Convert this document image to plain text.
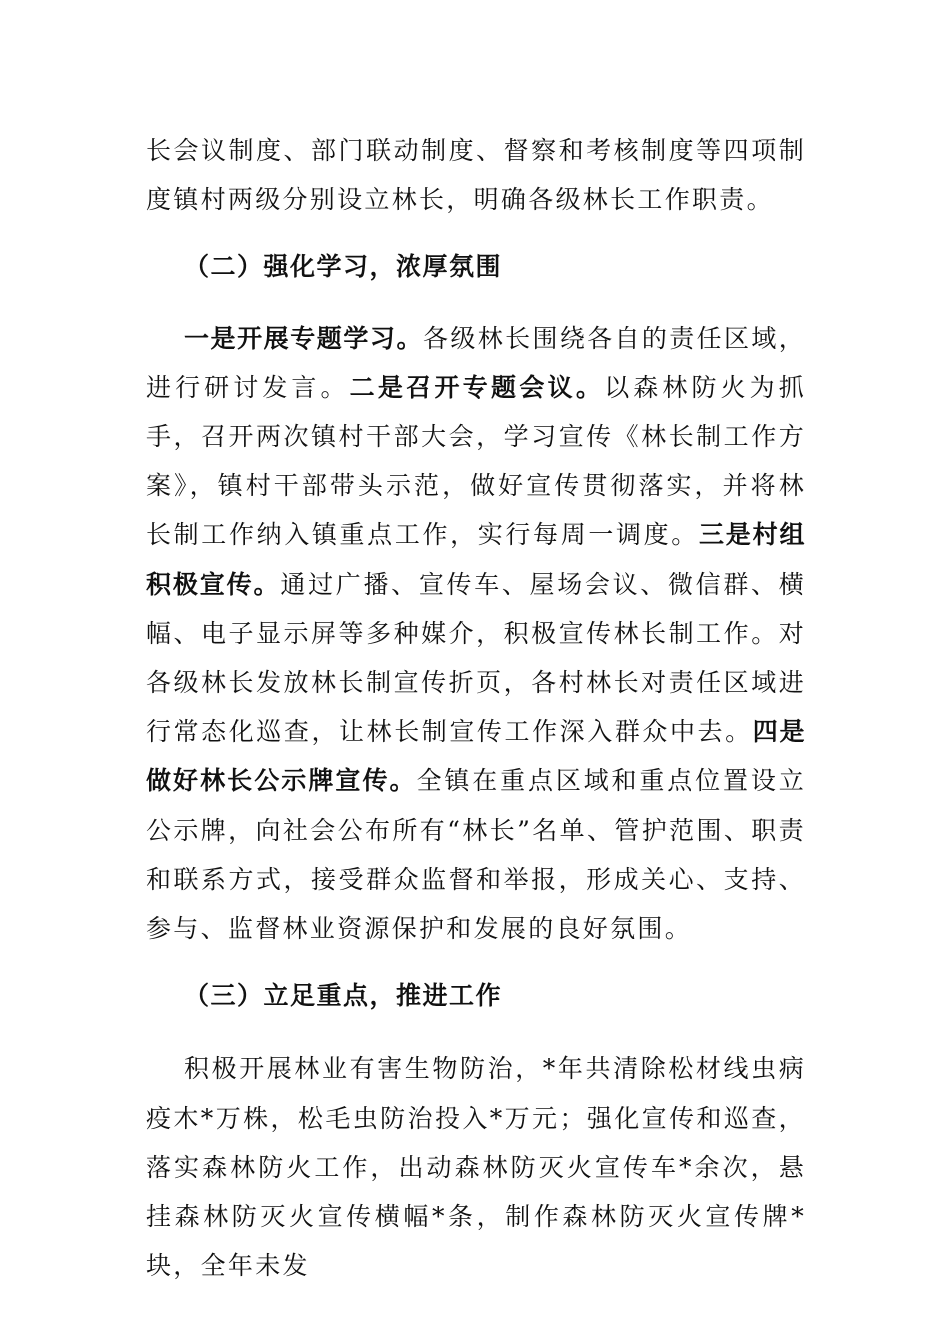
长会议制度、部门联动制度、督察和考核制度等四项制度镇村两级分别设立林长，明确各级林长工作职责。

（二）强化学习，浓厚氛围

一是开展专题学习。各级林长围绕各自的责任区域，进行研讨发言。二是召开专题会议。以森林防火为抓手，召开两次镇村干部大会，学习宣传《林长制工作方案》，镇村干部带头示范，做好宣传贯彻落实，并将林长制工作纳入镇重点工作，实行每周一调度。三是村组积极宣传。通过广播、宣传车、屋场会议、微信群、横幅、电子显示屏等多种媒介，积极宣传林长制工作。对各级林长发放林长制宣传折页，各村林长对责任区域进行常态化巡查，让林长制宣传工作深入群众中去。四是做好林长公示牌宣传。全镇在重点区域和重点位置设立公示牌，向社会公布所有“林长”名单、管护范围、职责和联系方式，接受群众监督和举报，形成关心、支持、参与、监督林业资源保护和发展的良好氛围。

（三）立足重点，推进工作

积极开展林业有害生物防治，*年共清除松材线虫病疫木*万株，松毛虫防治投入*万元；强化宣传和巡查，落实森林防火工作，出动森林防灭火宣传车*余次，悬挂森林防灭火宣传横幅*条，制作森林防灭火宣传牌*块，全年未发
